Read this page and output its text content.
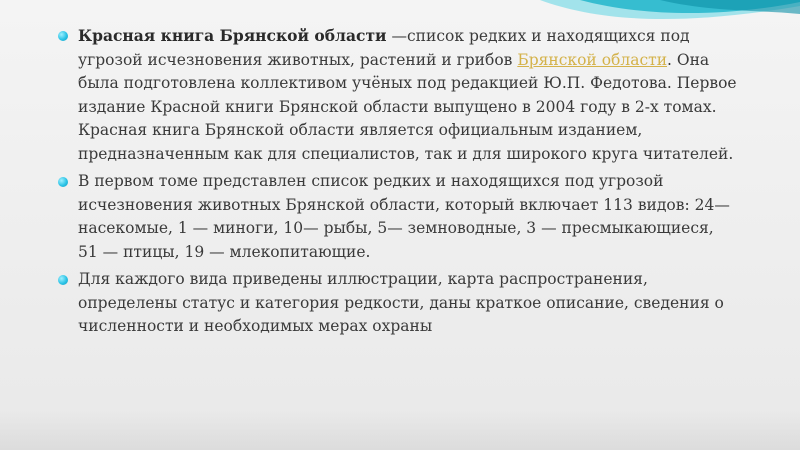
Красная книга Брянской области —список редких и находящихся под угрозой исчезновения животных, растений и грибов Брянской области. Она была подготовлена коллективом учёных под редакцией Ю.П. Федотова. Первое издание Красной книги Брянской области выпущено в 2004 году в 2-х томах. Красная книга Брянской области является официальным изданием, предназначенным как для специалистов, так и для широкого круга читателей.
В первом томе представлен список редких и находящихся под угрозой исчезновения животных Брянской области, который включает 113 видов: 24— насекомые, 1 — миноги, 10— рыбы, 5— земноводные, 3 — пресмыкающиеся, 51 — птицы, 19 — млекопитающие.
Для каждого вида приведены иллюстрации, карта распространения, определены статус и категория редкости, даны краткое описание, сведения о численности и необходимых мерах охраны
